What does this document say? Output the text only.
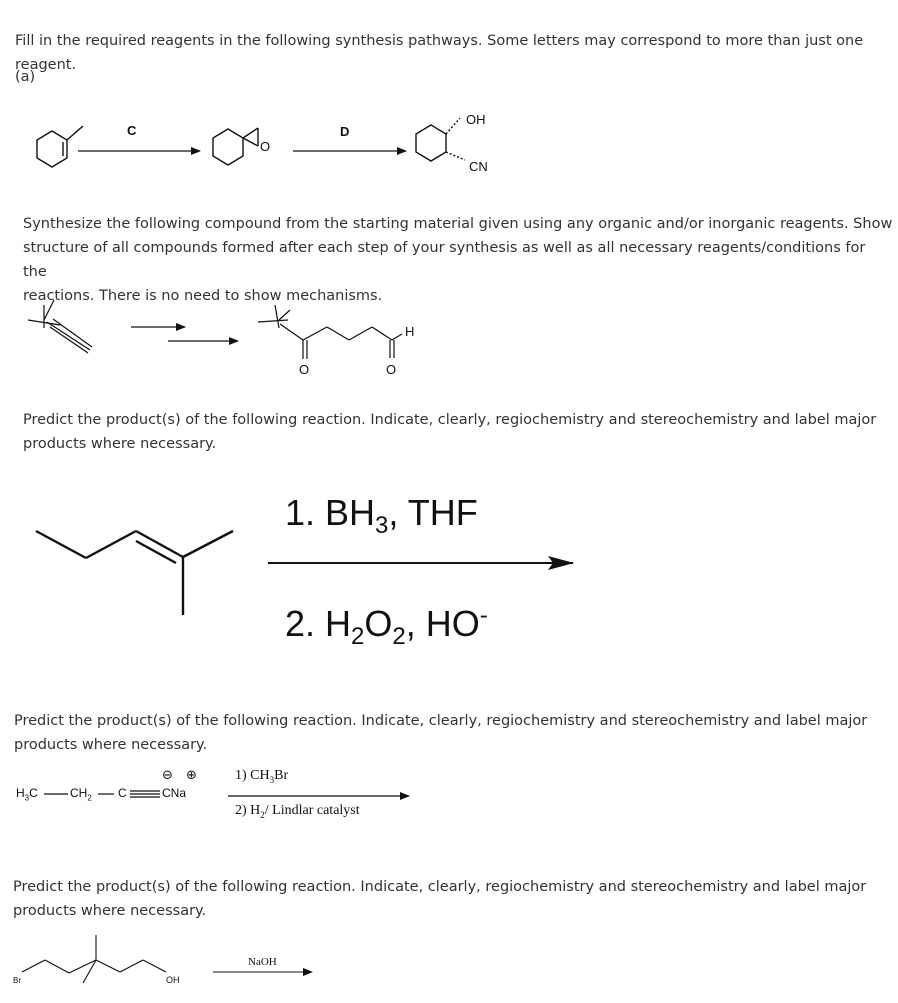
Fill in the required reagents in the following synthesis pathways. Some letters may correspond to more than just one reagent.
(a)
C
O
D
OH
CN
H
O	O
Br	OH
Synthesize the following compound from the starting material given using any organic and/or inorganic reagents. Show
structure of all compounds formed after each step of your synthesis as well as all necessary reagents/conditions for the
reactions. There is no need to show mechanisms.
Predict the product(s) of the following reaction. Indicate, clearly, regiochemistry and stereochemistry and label major
products where necessary.
1. $BH_3$, THF
2. $H_2O_2$, HO-
Predict the product(s) of the following reaction. Indicate, clearly, regiochemistry and stereochemistry and label major
products where necessary.
$H_3C$	$CH_2$ C	CNa
⊖ ⊕	1) $CH_3Br$
2) $H_2/$ Lindlar catalyst
Predict the product(s) of the following reaction. Indicate, clearly, regiochemistry and stereochemistry and label major
products where necessary.
NaOH
